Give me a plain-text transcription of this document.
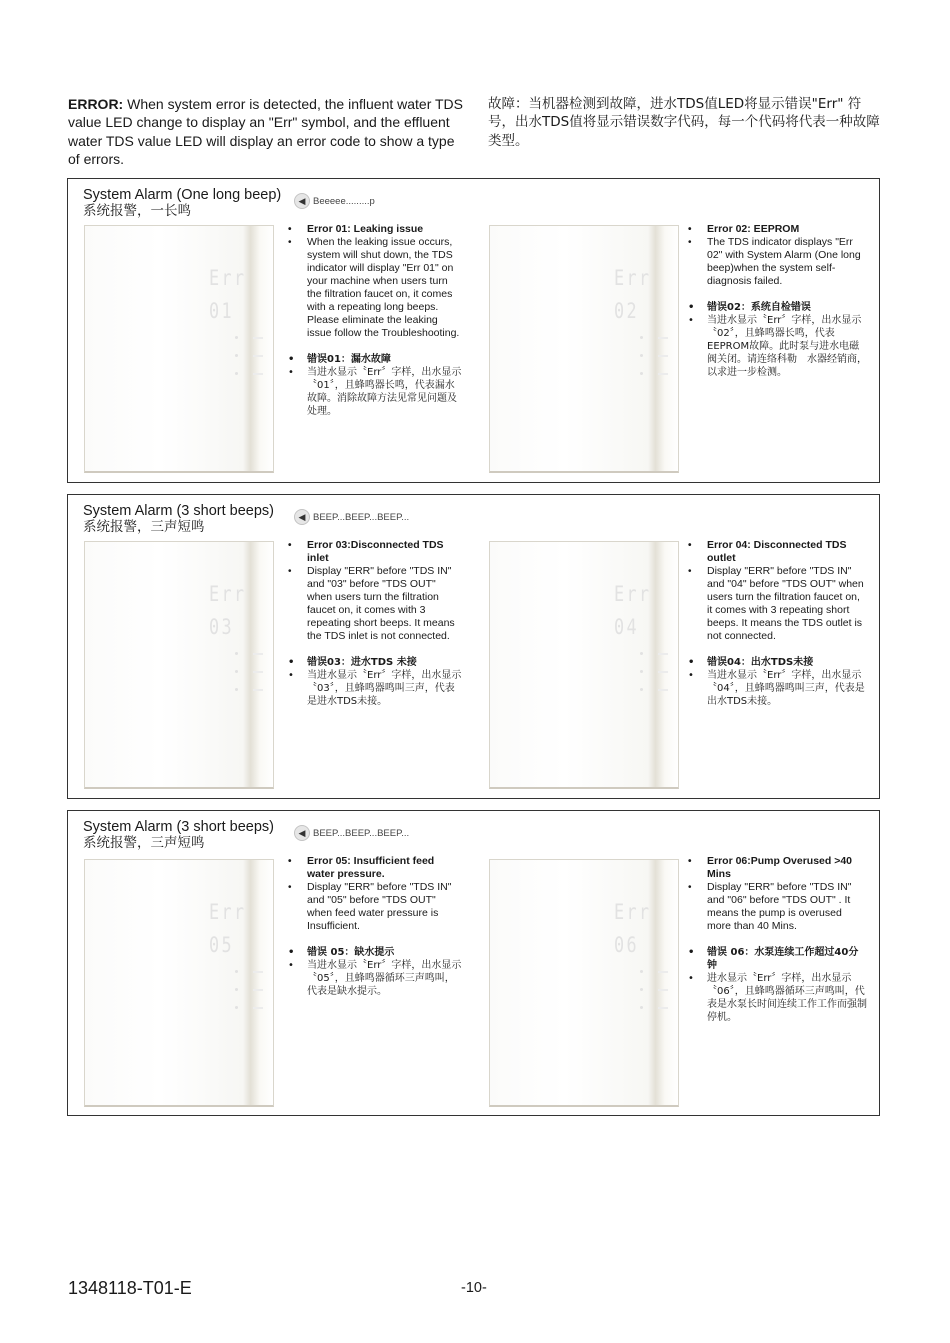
ERROR: When system error is detected, the influent water TDS value LED change to display an "Err" symbol, and the effluent water TDS value LED will display an error code to show a type of errors.
故障：当机器检测到故障，进水TDS值LED将显示错误"Err" 符号，出水TDS值将显示错误数字代码，每一个代码将代表一种故障类型。
System Alarm (One long beep)
系统报警，一长鸣
◀ Beeeee.........p
Err
01
• Error 01: Leaking issue
• When the leaking issue occurs, system will shut down, the TDS indicator will display "Err 01" on your machine when users turn the filtration faucet on, it comes with a repeating long beeps. Please eliminate the leaking issue follow the Troubleshooting.
• 错误01：漏水故障
• 当进水显示〝Err〞字样，出水显示〝01〞，且蜂鸣器长鸣，代表漏水故障。消除故障方法见常见问题及处理。
Err
02
• Error 02: EEPROM
• The TDS indicator displays "Err 02" with System Alarm (One long beep)when the system self-diagnosis failed.
• 错误02：系统自检错误
• 当进水显示〝Err〞字样，出水显示〝02〞，且蜂鸣器长鸣，代表EEPROM故障。此时泵与进水电磁阀关闭。请连络科勒　水器经销商，以求进一步检测。
System Alarm (3 short beeps)
系统报警，三声短鸣
◀ BEEP...BEEP...BEEP...
Err
03
• Error 03:Disconnected TDS inlet
• Display "ERR" before "TDS IN" and "03" before "TDS OUT" when users turn the filtration faucet on, it comes with 3 repeating short beeps. It means the TDS inlet is not connected.
• 错误03：进水TDS 未接
• 当进水显示〝Err〞字样，出水显示〝03〞，且蜂鸣器鸣叫三声，代表是进水TDS未接。
Err
04
• Error 04: Disconnected TDS outlet
• Display "ERR" before "TDS IN" and "04" before "TDS OUT" when users turn the filtration faucet on, it comes with 3 repeating short beeps. It means the TDS outlet is not connected.
• 错误04：出水TDS未接
• 当进水显示〝Err〞字样，出水显示〝04〞，且蜂鸣器鸣叫三声，代表是出水TDS未接。
System Alarm (3 short beeps)
系统报警，三声短鸣
◀ BEEP...BEEP...BEEP...
Err
05
• Error 05: Insufficient feed water pressure.
• Display "ERR" before "TDS IN" and "05" before "TDS OUT" when feed water pressure is Insufficient.
• 错误 05：缺水提示
• 当进水显示〝Err〞字样，出水显示〝05〞，且蜂鸣器循环三声鸣叫，代表是缺水提示。
Err
06
• Error 06:Pump Overused >40 Mins
• Display "ERR" before "TDS IN" and "06" before "TDS OUT" . It means the pump is overused more than 40 Mins.
• 错误 06：水泵连续工作超过40分钟
• 进水显示〝Err〞字样，出水显示〝06〞，且蜂鸣器循环三声鸣叫，代表是水泵长时间连续工作工作而强制停机。
1348118-T01-E	-10-
